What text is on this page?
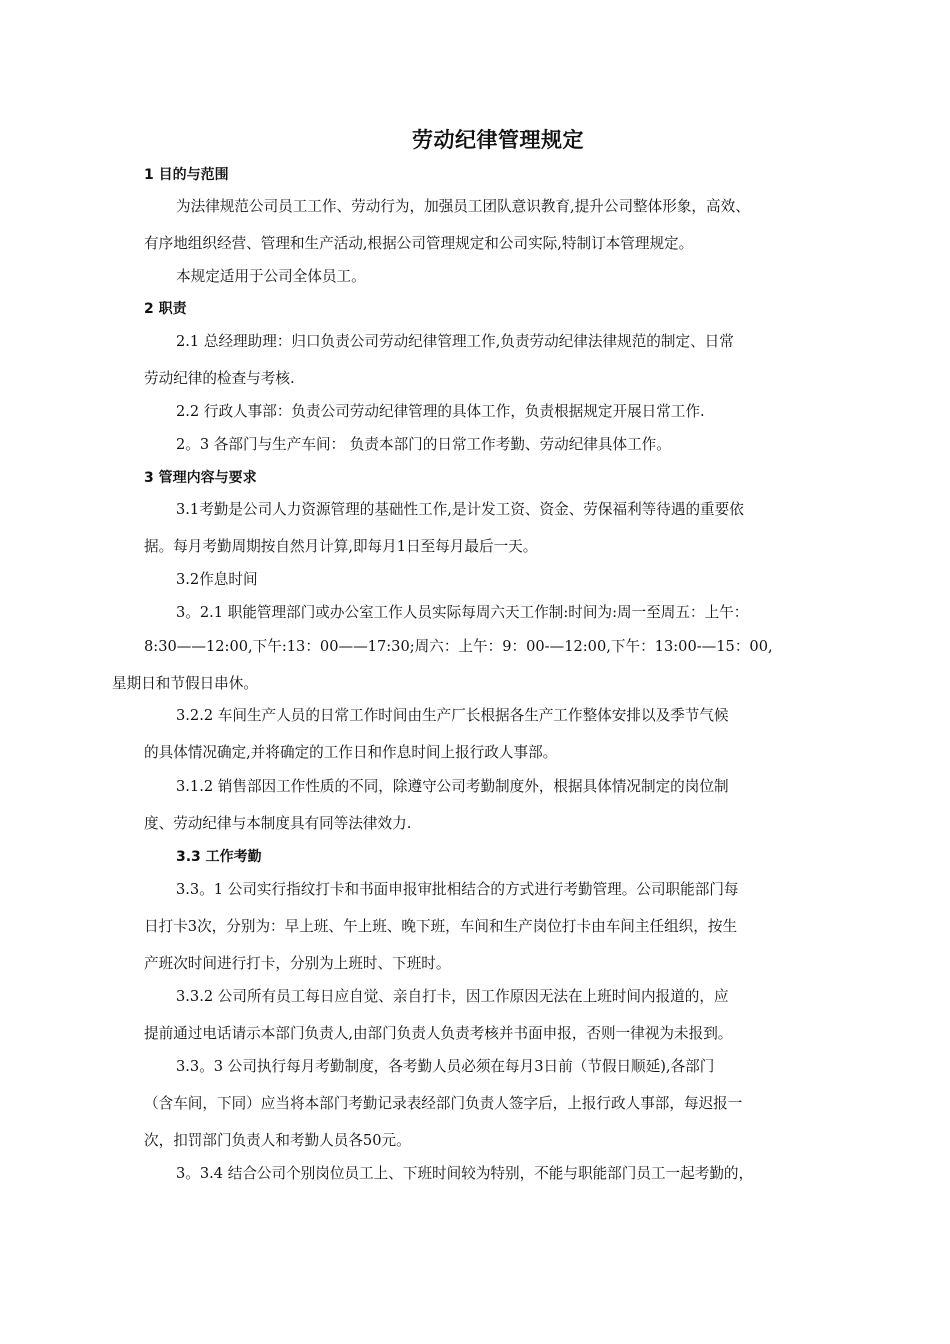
劳动纪律管理规定
1 目的与范围
为法律规范公司员工工作、劳动行为，加强员工团队意识教育,提升公司整体形象，高效、
有序地组织经营、管理和生产活动,根据公司管理规定和公司实际,特制订本管理规定。
本规定适用于公司全体员工。
2 职责
2.1 总经理助理：归口负责公司劳动纪律管理工作,负责劳动纪律法律规范的制定、日常
劳动纪律的检查与考核.
2.2 行政人事部：负责公司劳动纪律管理的具体工作，负责根据规定开展日常工作.
2。3 各部门与生产车间： 负责本部门的日常工作考勤、劳动纪律具体工作。
3 管理内容与要求
3.1考勤是公司人力资源管理的基础性工作,是计发工资、资金、劳保福利等待遇的重要依
据。每月考勤周期按自然月计算,即每月1日至每月最后一天。
3.2作息时间
3。2.1 职能管理部门或办公室工作人员实际每周六天工作制:时间为:周一至周五：上午：
8:30——12:00,下午:13：00——17:30;周六：上午：9：00-—12:00,下午：13:00-—15：00,
星期日和节假日串休。
3.2.2 车间生产人员的日常工作时间由生产厂长根据各生产工作整体安排以及季节气候
的具体情况确定,并将确定的工作日和作息时间上报行政人事部。
3.1.2 销售部因工作性质的不同，除遵守公司考勤制度外，根据具体情况制定的岗位制
度、劳动纪律与本制度具有同等法律效力.
3.3 工作考勤
3.3。1 公司实行指纹打卡和书面申报审批相结合的方式进行考勤管理。公司职能部门每
日打卡3次，分别为：早上班、午上班、晚下班，车间和生产岗位打卡由车间主任组织，按生
产班次时间进行打卡，分别为上班时、下班时。
3.3.2 公司所有员工每日应自觉、亲自打卡，因工作原因无法在上班时间内报道的，应
提前通过电话请示本部门负责人,由部门负责人负责考核并书面申报，否则一律视为未报到。
3.3。3 公司执行每月考勤制度，各考勤人员必须在每月3日前（节假日顺延),各部门
（含车间，下同）应当将本部门考勤记录表经部门负责人签字后，上报行政人事部，每迟报一
次，扣罚部门负责人和考勤人员各50元。
3。3.4 结合公司个别岗位员工上、下班时间较为特别，不能与职能部门员工一起考勤的，
